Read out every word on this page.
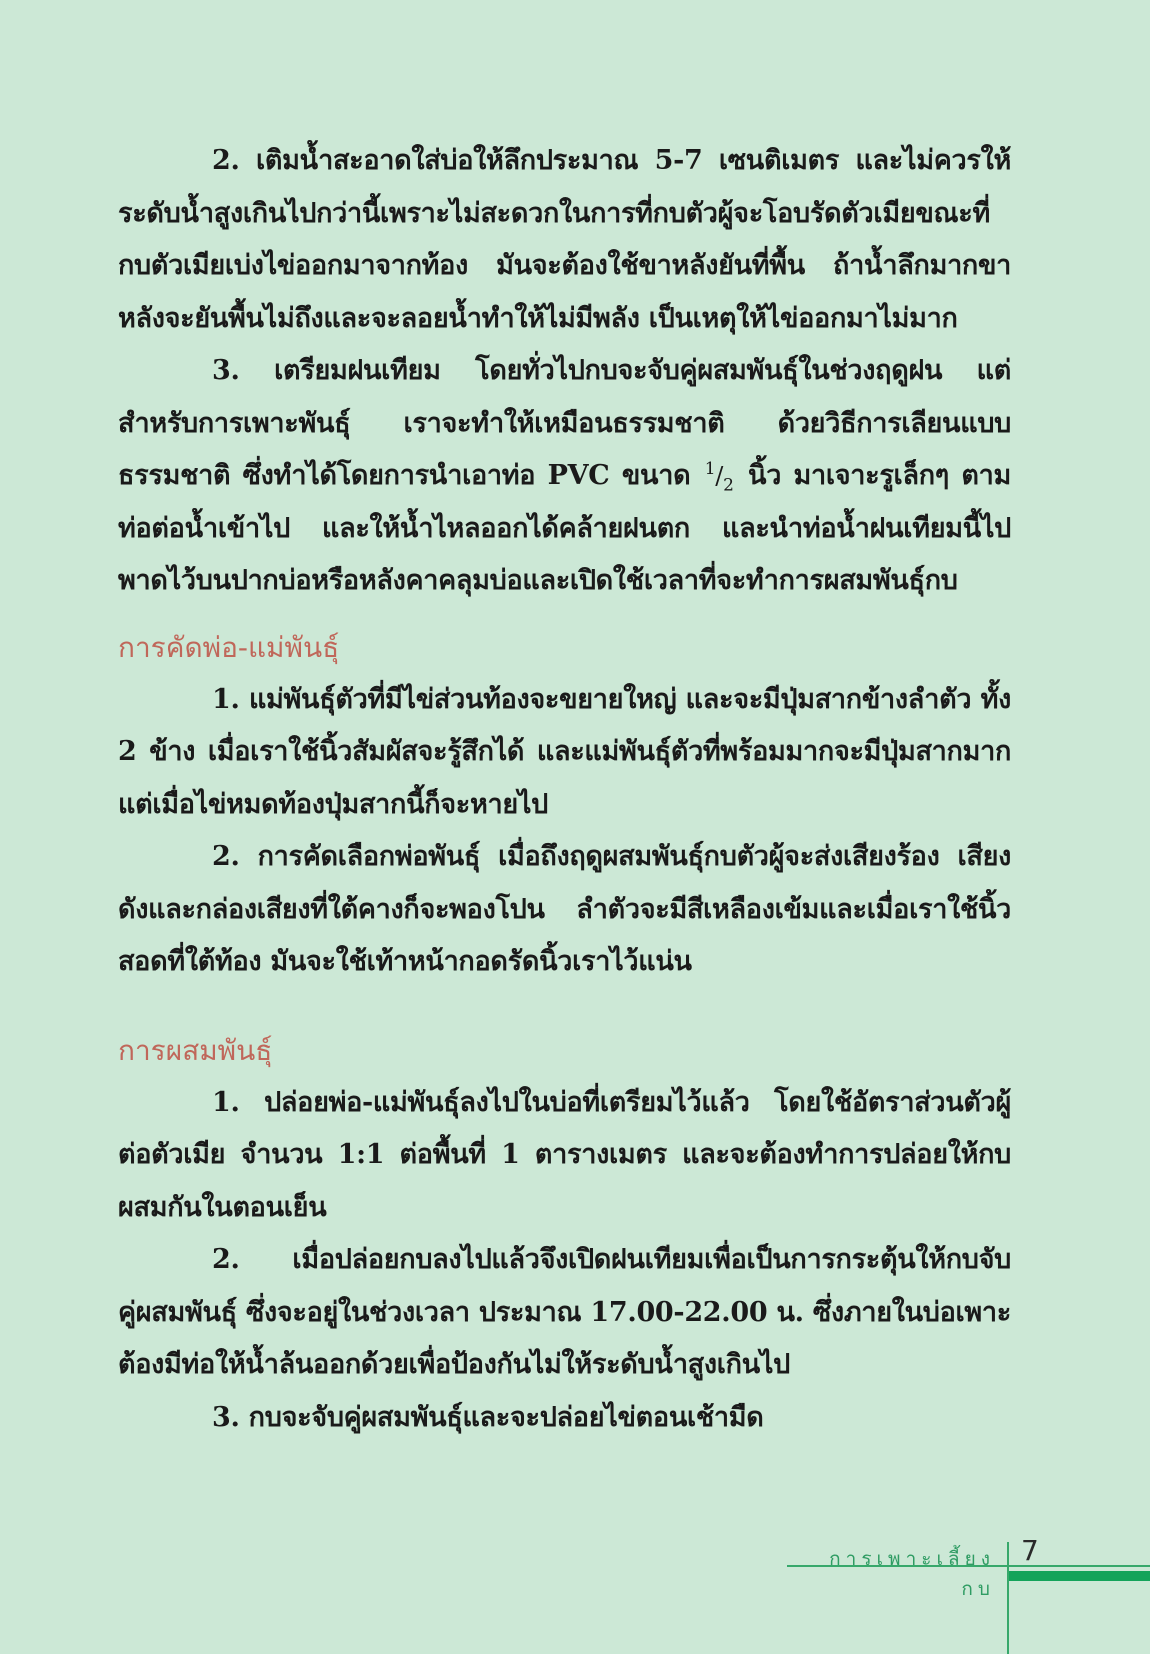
2. เติมน้ำสะอาดใส่บ่อให้ลึกประมาณ 5-7 เซนติเมตร และไม่ควรให้ระดับน้ำสูงเกินไปกว่านี้เพราะไม่สะดวกในการที่กบตัวผู้จะโอบรัดตัวเมียขณะที่กบตัวเมียเบ่งไข่ออกมาจากท้อง มันจะต้องใช้ขาหลังยันที่พื้น ถ้าน้ำลึกมากขาหลังจะยันพื้นไม่ถึงและจะลอยน้ำทำให้ไม่มีพลัง เป็นเหตุให้ไข่ออกมาไม่มาก

3. เตรียมฝนเทียม โดยทั่วไปกบจะจับคู่ผสมพันธุ์ในช่วงฤดูฝน แต่สำหรับการเพาะพันธุ์ เราจะทำให้เหมือนธรรมชาติ ด้วยวิธีการเลียนแบบธรรมชาติ ซึ่งทำได้โดยการนำเอาท่อ PVC ขนาด $^1/_2$ นิ้ว มาเจาะรูเล็กๆ ตามท่อต่อน้ำเข้าไป และให้น้ำไหลออกได้คล้ายฝนตก และนำท่อน้ำฝนเทียมนี้ไปพาดไว้บนปากบ่อหรือหลังคาคลุมบ่อและเปิดใช้เวลาที่จะทำการผสมพันธุ์กบ

การคัดพ่อ-แม่พันธุ์

1. แม่พันธุ์ตัวที่มีไข่ส่วนท้องจะขยายใหญ่ และจะมีปุ่มสากข้างลำตัว ทั้ง 2 ข้าง เมื่อเราใช้นิ้วสัมผัสจะรู้สึกได้ และแม่พันธุ์ตัวที่พร้อมมากจะมีปุ่มสากมากแต่เมื่อไข่หมดท้องปุ่มสากนี้ก็จะหายไป

2. การคัดเลือกพ่อพันธุ์ เมื่อถึงฤดูผสมพันธุ์กบตัวผู้จะส่งเสียงร้อง เสียงดังและกล่องเสียงที่ใต้คางก็จะพองโปน ลำตัวจะมีสีเหลืองเข้มและเมื่อเราใช้นิ้วสอดที่ใต้ท้อง มันจะใช้เท้าหน้ากอดรัดนิ้วเราไว้แน่น

การผสมพันธุ์

1. ปล่อยพ่อ-แม่พันธุ์ลงไปในบ่อที่เตรียมไว้แล้ว โดยใช้อัตราส่วนตัวผู้ต่อตัวเมีย จำนวน 1:1 ต่อพื้นที่ 1 ตารางเมตร และจะต้องทำการปล่อยให้กบผสมกันในตอนเย็น

2. เมื่อปล่อยกบลงไปแล้วจึงเปิดฝนเทียมเพื่อเป็นการกระตุ้นให้กบจับคู่ผสมพันธุ์ ซึ่งจะอยู่ในช่วงเวลา ประมาณ 17.00-22.00 น. ซึ่งภายในบ่อเพาะต้องมีท่อให้น้ำล้นออกด้วยเพื่อป้องกันไม่ให้ระดับน้ำสูงเกินไป

3. กบจะจับคู่ผสมพันธุ์และจะปล่อยไข่ตอนเช้ามืด

การเพาะเลี้ยงกบ
7
